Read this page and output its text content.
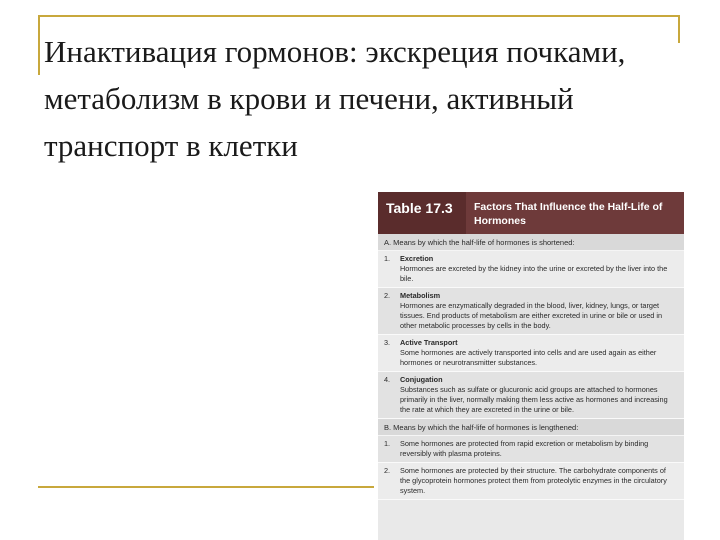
Инактивация гормонов: экскреция почками, метаболизм в крови и печени, активный транспорт в клетки
Table 17.3	Factors That Influence the Half-Life of Hormones
A. Means by which the half-life of hormones is shortened:
1.	Excretion
Hormones are excreted by the kidney into the urine or excreted by the liver into the bile.
2.	Metabolism
Hormones are enzymatically degraded in the blood, liver, kidney, lungs, or target tissues. End products of metabolism are either excreted in urine or bile or used in other metabolic processes by cells in the body.
3.	Active Transport
Some hormones are actively transported into cells and are used again as either hormones or neurotransmitter substances.
4.	Conjugation
Substances such as sulfate or glucuronic acid groups are attached to hormones primarily in the liver, normally making them less active as hormones and increasing the rate at which they are excreted in the urine or bile.
B. Means by which the half-life of hormones is lengthened:
1.	Some hormones are protected from rapid excretion or metabolism by binding reversibly with plasma proteins.
2.	Some hormones are protected by their structure. The carbohydrate components of the glycoprotein hormones protect them from proteolytic enzymes in the circulatory system.
